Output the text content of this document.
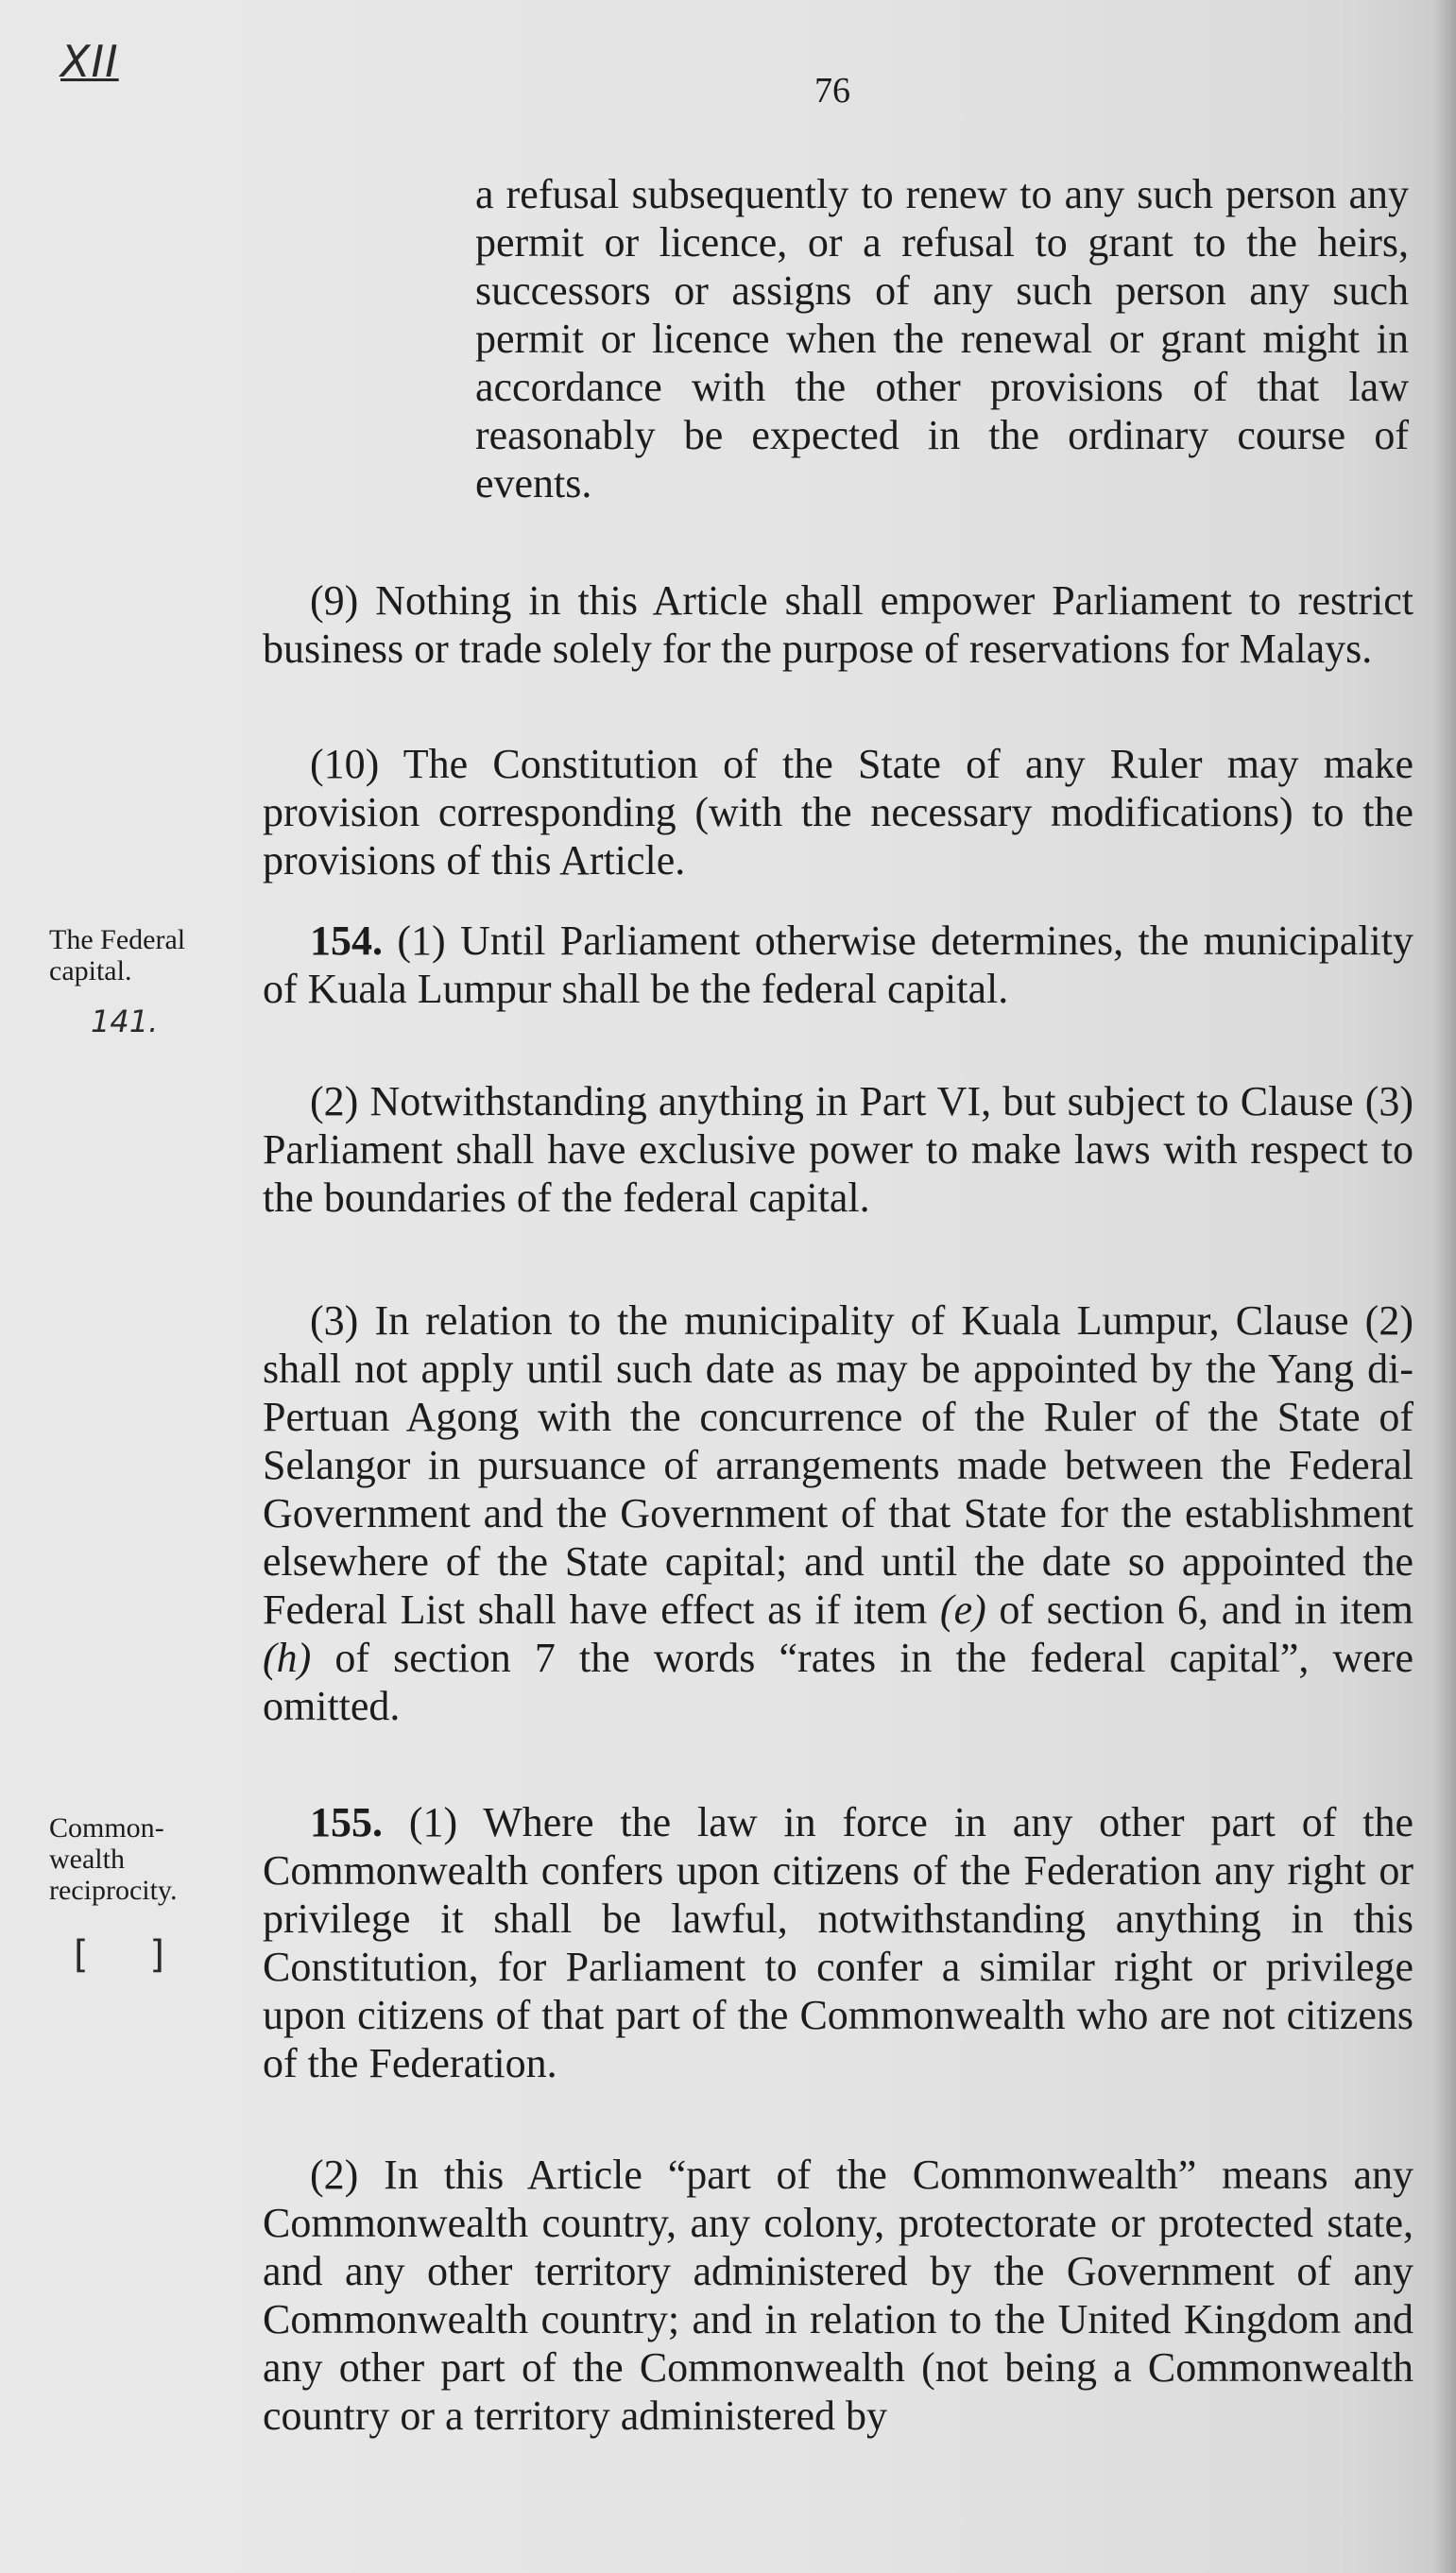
XII
76
a refusal subsequently to renew to any such person any permit or licence, or a refusal to grant to the heirs, successors or assigns of any such person any such permit or licence when the renewal or grant might in accordance with the other provisions of that law reasonably be expected in the ordinary course of events.
(9) Nothing in this Article shall empower Parliament to restrict business or trade solely for the purpose of reservations for Malays.
(10) The Constitution of the State of any Ruler may make provision corresponding (with the necessary modifications) to the provisions of this Article.
The Federal capital.
141.
154. (1) Until Parliament otherwise determines, the municipality of Kuala Lumpur shall be the federal capital.
(2) Notwithstanding anything in Part VI, but subject to Clause (3) Parliament shall have exclusive power to make laws with respect to the boundaries of the federal capital.
(3) In relation to the municipality of Kuala Lumpur, Clause (2) shall not apply until such date as may be appointed by the Yang di-Pertuan Agong with the concurrence of the Ruler of the State of Selangor in pursuance of arrangements made between the Federal Government and the Government of that State for the establishment elsewhere of the State capital; and until the date so appointed the Federal List shall have effect as if item (e) of section 6, and in item (h) of section 7 the words “rates in the federal capital”, were omitted.
Commonwealth reciprocity.
[ ]
155. (1) Where the law in force in any other part of the Commonwealth confers upon citizens of the Federation any right or privilege it shall be lawful, notwithstanding anything in this Constitution, for Parliament to confer a similar right or privilege upon citizens of that part of the Commonwealth who are not citizens of the Federation.
(2) In this Article “part of the Commonwealth” means any Commonwealth country, any colony, protectorate or protected state, and any other territory administered by the Government of any Commonwealth country; and in relation to the United Kingdom and any other part of the Commonwealth (not being a Commonwealth country or a territory administered by
